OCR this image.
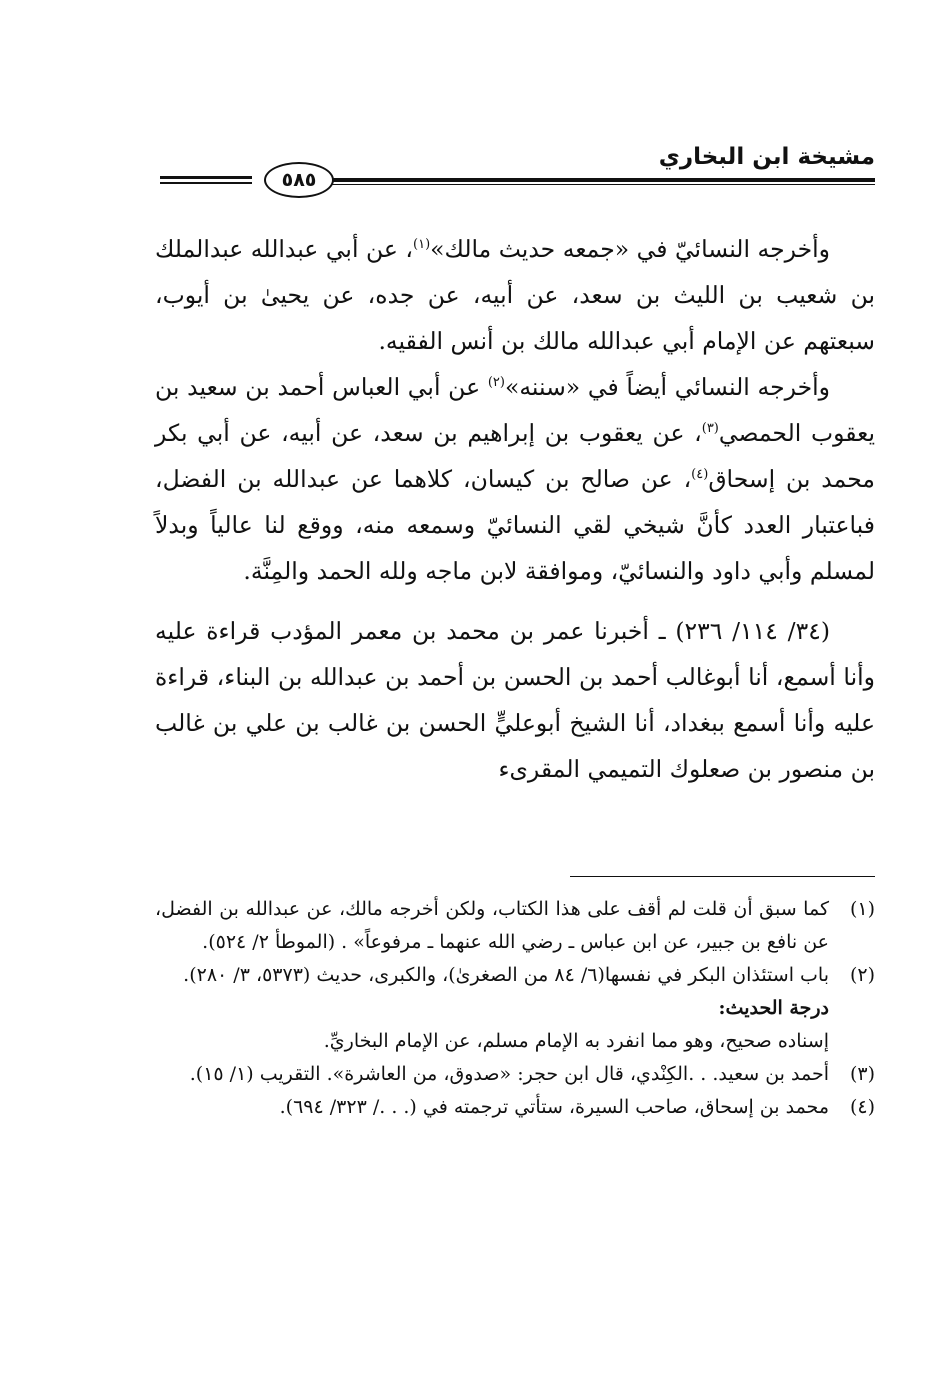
مشيخة ابن البخاري
٥٨٥

وأخرجه النسائيّ في «جمعه حديث مالك»$^{(١)}$، عن أبي عبدالله عبدالملك بن شعيب بن الليث بن سعد، عن أبيه، عن جده، عن يحيىٰ بن أيوب، سبعتهم عن الإمام أبي عبدالله مالك بن أنس الفقيه.

وأخرجه النسائي أيضاً في «سننه»$^{(٢)}$ عن أبي العباس أحمد بن سعيد بن يعقوب الحمصي$^{(٣)}$، عن يعقوب بن إبراهيم بن سعد، عن أبيه، عن أبي بكر محمد بن إسحاق$^{(٤)}$، عن صالح بن كيسان، كلاهما عن عبدالله بن الفضل، فباعتبار العدد كأنَّ شيخي لقي النسائيّ وسمعه منه، ووقع لنا عالياً وبدلاً لمسلم وأبي داود والنسائيّ، وموافقة لابن ماجه ولله الحمد والمِنَّة.

(٣٤/ ١١٤/ ٢٣٦) ـ أخبرنا عمر بن محمد بن معمر المؤدب قراءة عليه وأنا أسمع، أنا أبوغالب أحمد بن الحسن بن أحمد بن عبدالله بن البناء، قراءة عليه وأنا أسمع ببغداد، أنا الشيخ أبوعليٍّ الحسن بن غالب بن علي بن غالب بن منصور بن صعلوك التميمي المقرىء

(١)
كما سبق أن قلت لم أقف على هذا الكتاب، ولكن أخرجه مالك، عن عبدالله بن الفضل، عن نافع بن جبير، عن ابن عباس ـ رضي الله عنهما ـ مرفوعاً» . (الموطأ ٢/ ٥٢٤).
(٢)
باب استئذان البكر في نفسها(٦/ ٨٤ من الصغرىٰ)، والكبرى، حديث (٥٣٧٣، ٣/ ٢٨٠).
درجة الحديث:
إسناده صحيح، وهو مما انفرد به الإمام مسلم، عن الإمام البخاريِّ.
(٣)
أحمد بن سعيد. . .الكِنْدي، قال ابن حجر: «صدوق، من العاشرة». التقريب (١/ ١٥).
(٤)
محمد بن إسحاق، صاحب السيرة، ستأتي ترجمته في (. . ./ ٣٢٣/ ٦٩٤).
